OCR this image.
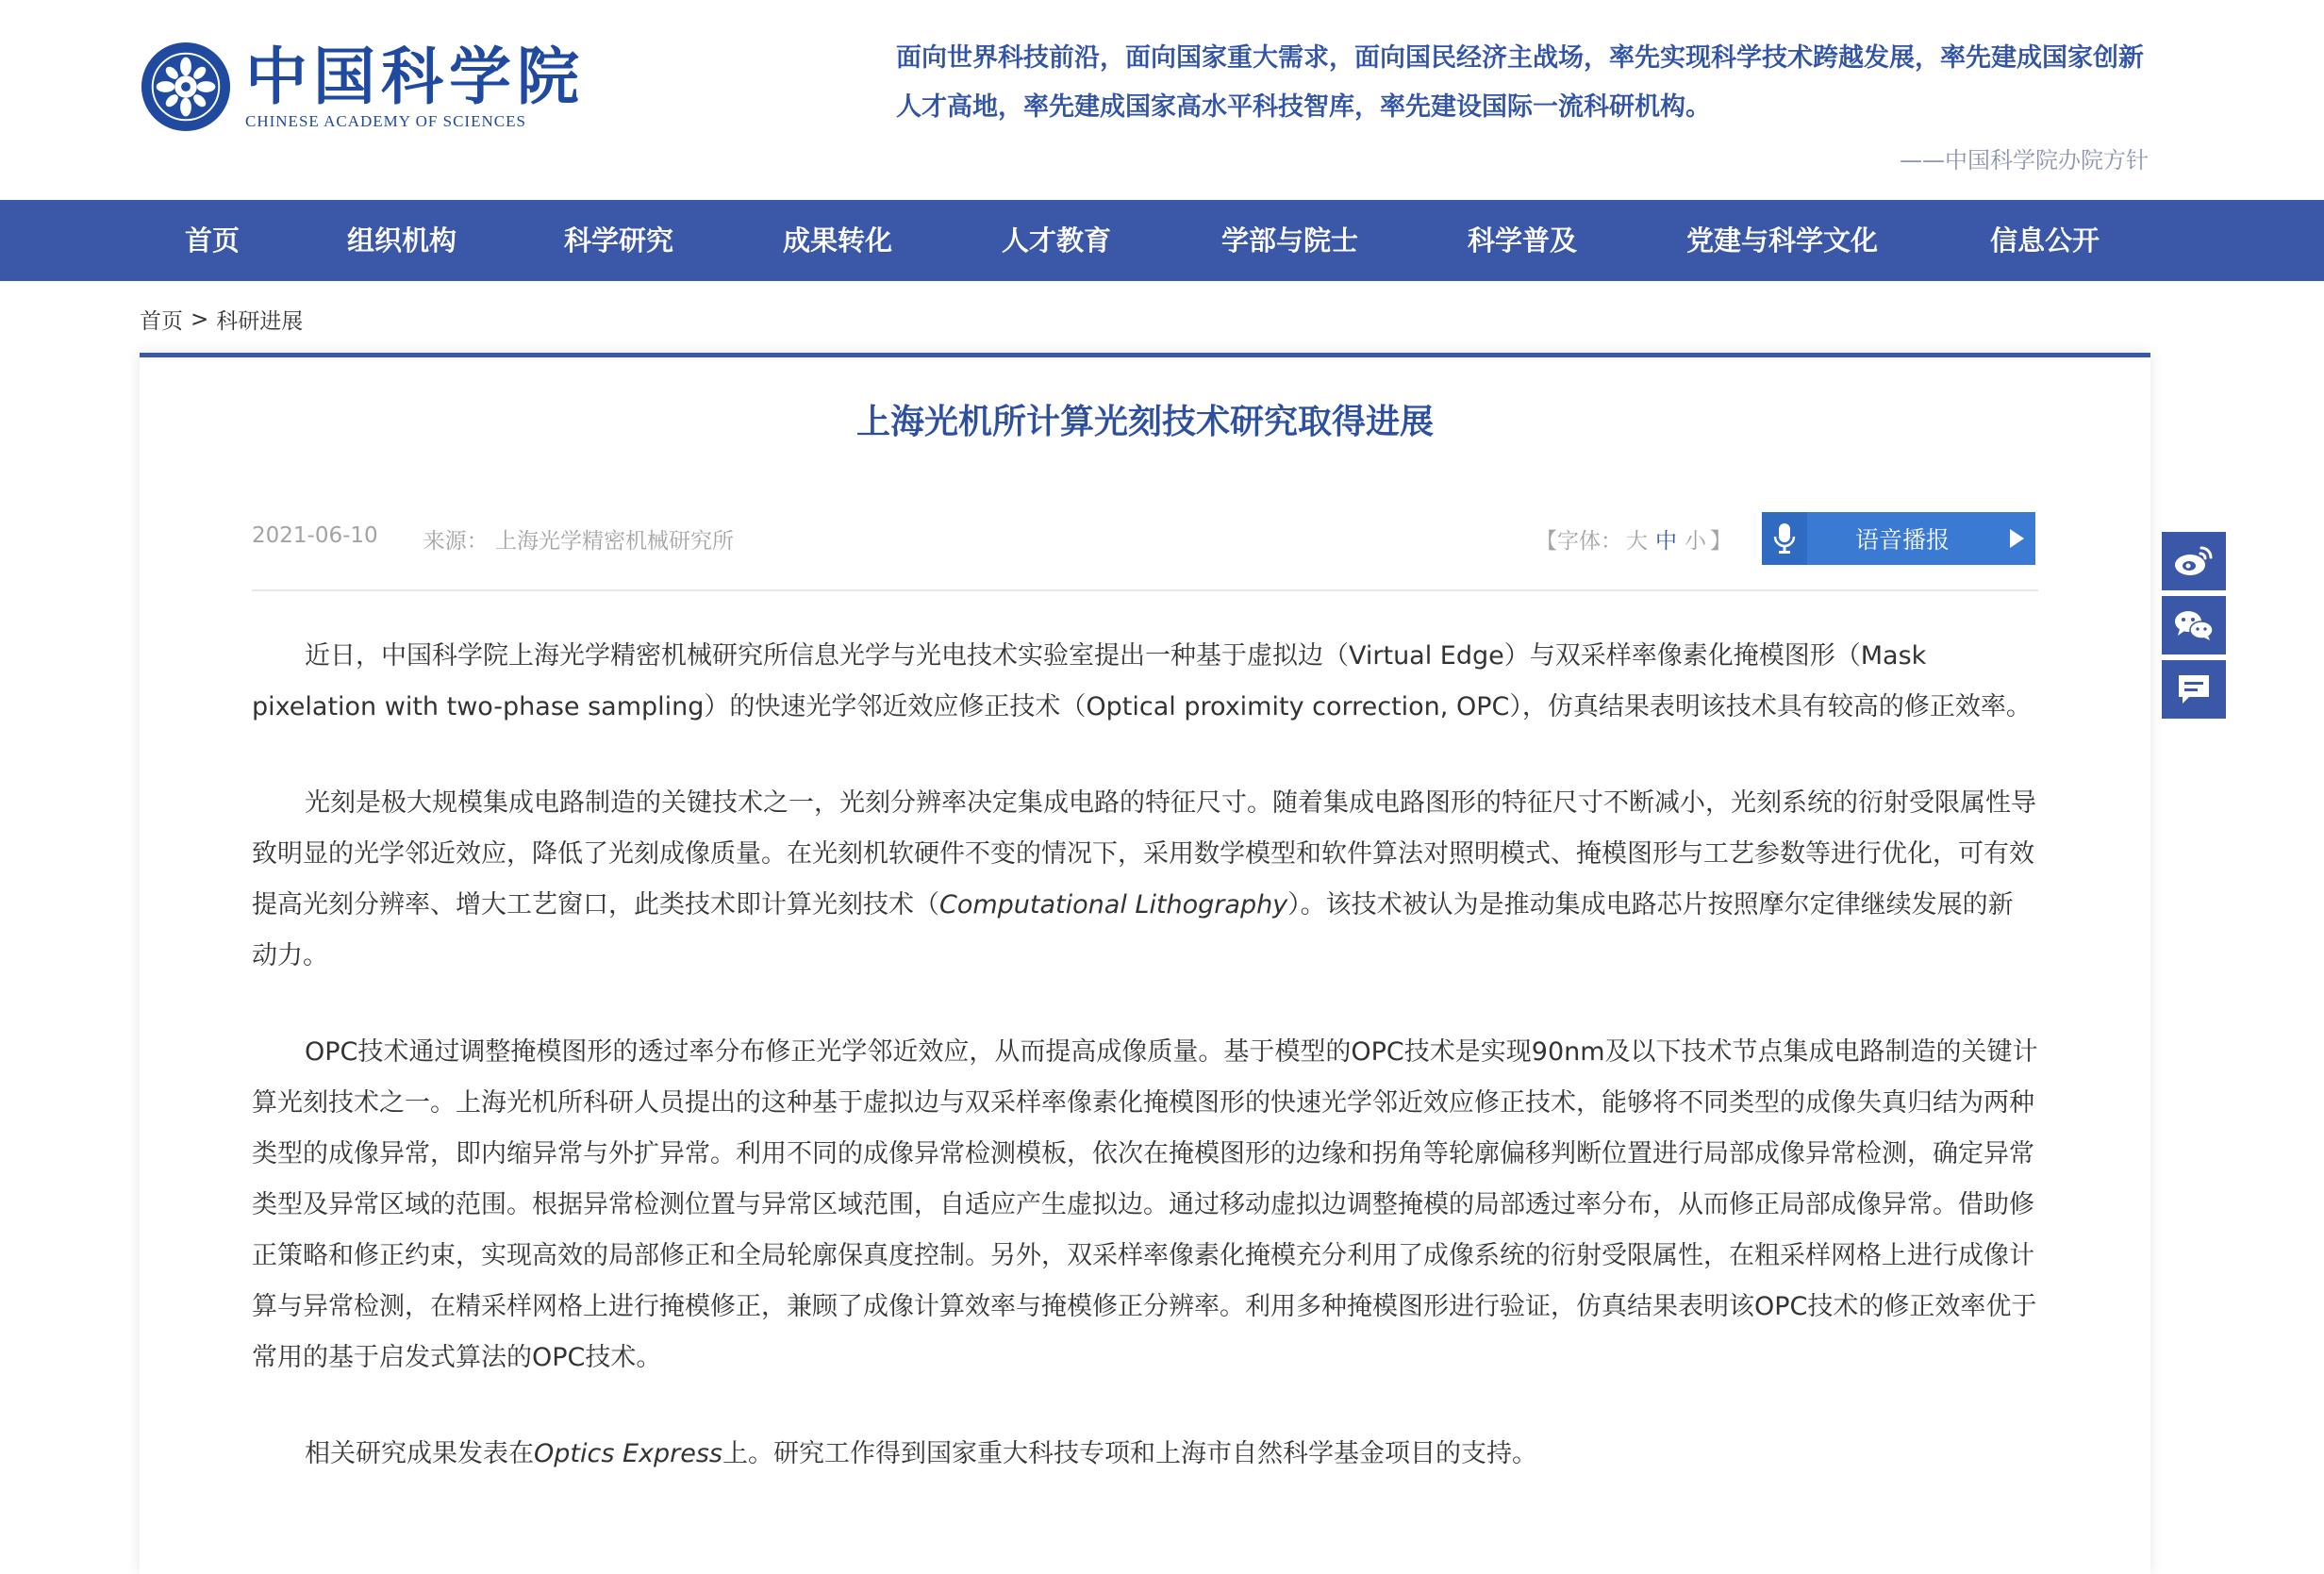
中国科学院
CHINESE ACADEMY OF SCIENCES
面向世界科技前沿，面向国家重大需求，面向国民经济主战场，率先实现科学技术跨越发展，率先建成国家创新人才高地，率先建成国家高水平科技智库，率先建设国际一流科研机构。
——中国科学院办院方针
首页	组织机构	科学研究	成果转化	人才教育	学部与院士	科学普及	党建与科学文化	信息公开
首页 > 科研进展
上海光机所计算光刻技术研究取得进展
2021-06-10 来源： 上海光学精密机械研究所	【字体： 大 中 小 】	语音播报

近日，中国科学院上海光学精密机械研究所信息光学与光电技术实验室提出一种基于虚拟边（Virtual Edge）与双采样率像素化掩模图形（Mask pixelation with two-phase sampling）的快速光学邻近效应修正技术（Optical proximity correction, OPC），仿真结果表明该技术具有较高的修正效率。

光刻是极大规模集成电路制造的关键技术之一，光刻分辨率决定集成电路的特征尺寸。随着集成电路图形的特征尺寸不断减小，光刻系统的衍射受限属性导致明显的光学邻近效应，降低了光刻成像质量。在光刻机软硬件不变的情况下，采用数学模型和软件算法对照明模式、掩模图形与工艺参数等进行优化，可有效提高光刻分辨率、增大工艺窗口，此类技术即计算光刻技术（Computational Lithography）。该技术被认为是推动集成电路芯片按照摩尔定律继续发展的新动力。

OPC技术通过调整掩模图形的透过率分布修正光学邻近效应，从而提高成像质量。基于模型的OPC技术是实现90nm及以下技术节点集成电路制造的关键计算光刻技术之一。上海光机所科研人员提出的这种基于虚拟边与双采样率像素化掩模图形的快速光学邻近效应修正技术，能够将不同类型的成像失真归结为两种类型的成像异常，即内缩异常与外扩异常。利用不同的成像异常检测模板，依次在掩模图形的边缘和拐角等轮廓偏移判断位置进行局部成像异常检测，确定异常类型及异常区域的范围。根据异常检测位置与异常区域范围，自适应产生虚拟边。通过移动虚拟边调整掩模的局部透过率分布，从而修正局部成像异常。借助修正策略和修正约束，实现高效的局部修正和全局轮廓保真度控制。另外，双采样率像素化掩模充分利用了成像系统的衍射受限属性，在粗采样网格上进行成像计算与异常检测，在精采样网格上进行掩模修正，兼顾了成像计算效率与掩模修正分辨率。利用多种掩模图形进行验证，仿真结果表明该OPC技术的修正效率优于常用的基于启发式算法的OPC技术。

相关研究成果发表在Optics Express上。研究工作得到国家重大科技专项和上海市自然科学基金项目的支持。
